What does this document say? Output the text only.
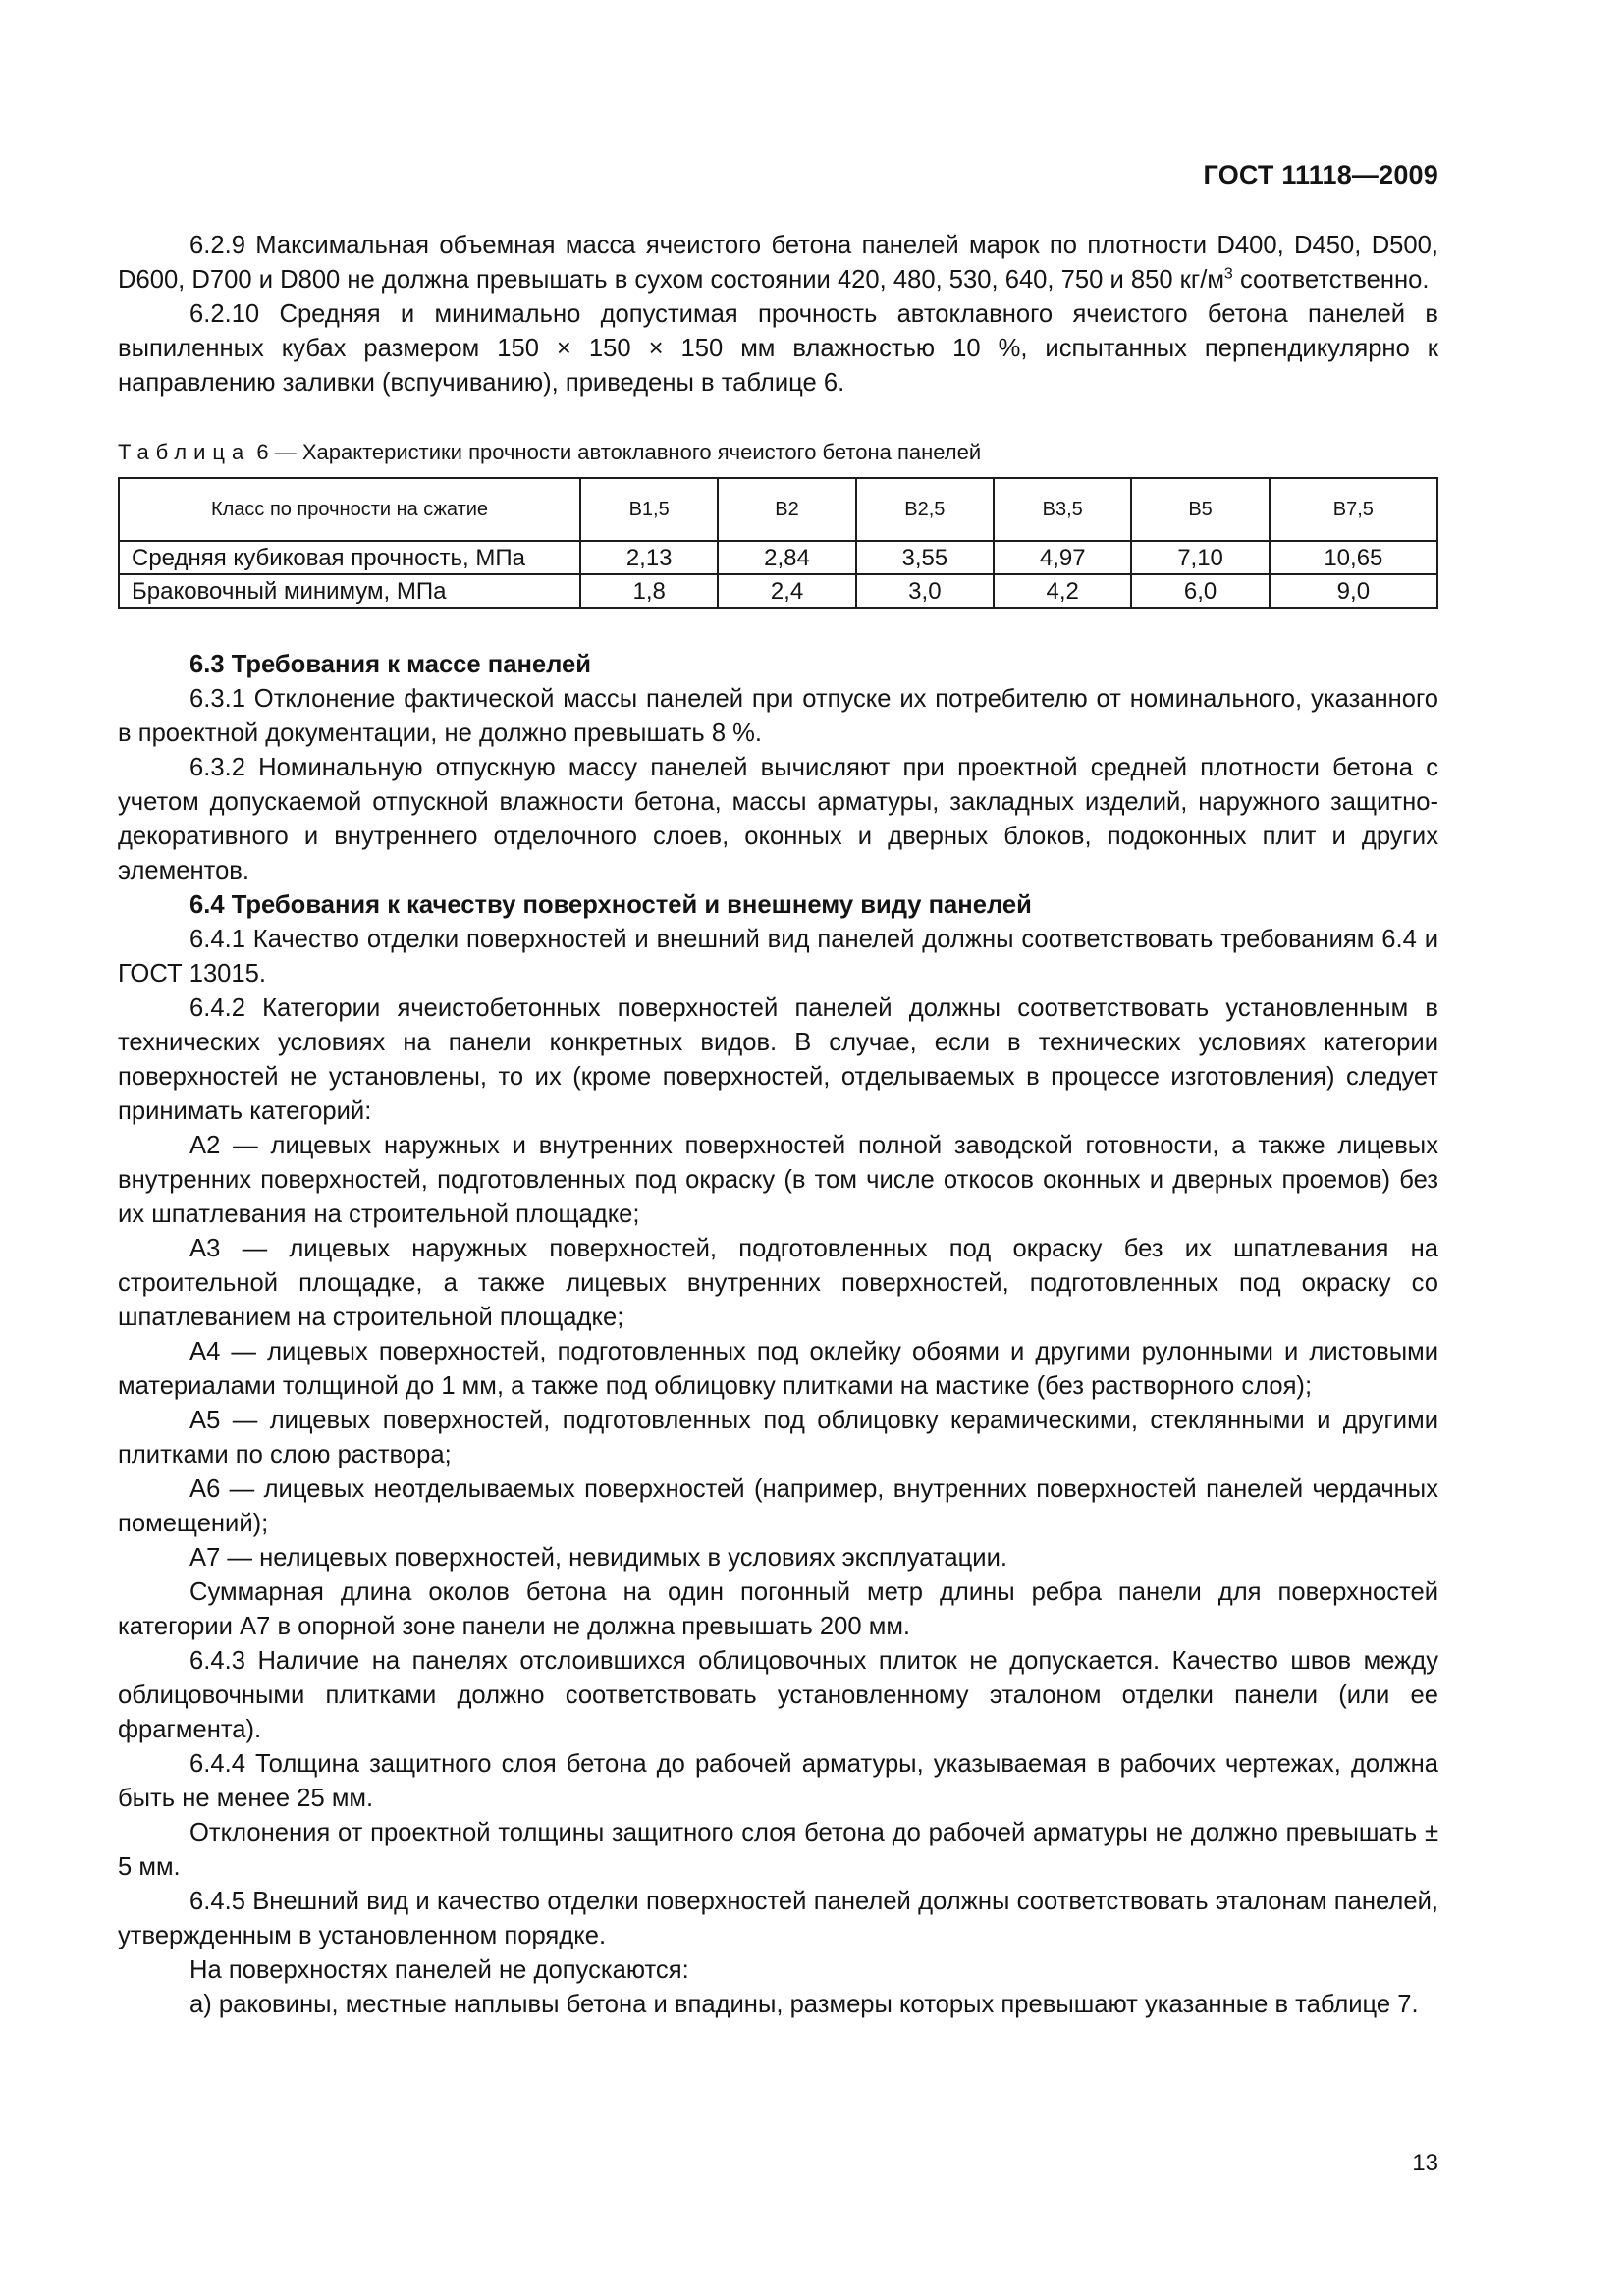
ГОСТ 11118—2009

6.2.9 Максимальная объемная масса ячеистого бетона панелей марок по плотности D400, D450, D500, D600, D700 и D800 не должна превышать в сухом состоянии 420, 480, 530, 640, 750 и 850 $кг/м^3$ соответственно.

6.2.10 Средняя и минимально допустимая прочность автоклавного ячеистого бетона панелей в выпиленных кубах размером 150 × 150 × 150 мм влажностью 10 %, испытанных перпендикулярно к направлению заливки (вспучиванию), приведены в таблице 6.

Таблица 6 — Характеристики прочности автоклавного ячеистого бетона панелей
Класс по прочности на сжатие	В1,5	В2	В2,5	В3,5	В5	В7,5
Средняя кубиковая прочность, МПа	2,13	2,84	3,55	4,97	7,10	10,65
Браковочный минимум, МПа	1,8	2,4	3,0	4,2	6,0	9,0
6.3 Требования к массе панелей

6.3.1 Отклонение фактической массы панелей при отпуске их потребителю от номинального, указанного в проектной документации, не должно превышать 8 %.

6.3.2 Номинальную отпускную массу панелей вычисляют при проектной средней плотности бетона с учетом допускаемой отпускной влажности бетона, массы арматуры, закладных изделий, наружного защитно-декоративного и внутреннего отделочного слоев, оконных и дверных блоков, подоконных плит и других элементов.

6.4 Требования к качеству поверхностей и внешнему виду панелей

6.4.1 Качество отделки поверхностей и внешний вид панелей должны соответствовать требованиям 6.4 и ГОСТ 13015.

6.4.2 Категории ячеистобетонных поверхностей панелей должны соответствовать установленным в технических условиях на панели конкретных видов. В случае, если в технических условиях категории поверхностей не установлены, то их (кроме поверхностей, отделываемых в процессе изготовления) следует принимать категорий:

А2 — лицевых наружных и внутренних поверхностей полной заводской готовности, а также лицевых внутренних поверхностей, подготовленных под окраску (в том числе откосов оконных и дверных проемов) без их шпатлевания на строительной площадке;

А3 — лицевых наружных поверхностей, подготовленных под окраску без их шпатлевания на строительной площадке, а также лицевых внутренних поверхностей, подготовленных под окраску со шпатлеванием на строительной площадке;

А4 — лицевых поверхностей, подготовленных под оклейку обоями и другими рулонными и листовыми материалами толщиной до 1 мм, а также под облицовку плитками на мастике (без растворного слоя);

А5 — лицевых поверхностей, подготовленных под облицовку керамическими, стеклянными и другими плитками по слою раствора;

А6 — лицевых неотделываемых поверхностей (например, внутренних поверхностей панелей чердачных помещений);

А7 — нелицевых поверхностей, невидимых в условиях эксплуатации.

Суммарная длина околов бетона на один погонный метр длины ребра панели для поверхностей категории А7 в опорной зоне панели не должна превышать 200 мм.

6.4.3 Наличие на панелях отслоившихся облицовочных плиток не допускается. Качество швов между облицовочными плитками должно соответствовать установленному эталоном отделки панели (или ее фрагмента).

6.4.4 Толщина защитного слоя бетона до рабочей арматуры, указываемая в рабочих чертежах, должна быть не менее 25 мм.

Отклонения от проектной толщины защитного слоя бетона до рабочей арматуры не должно превышать ± 5 мм.

6.4.5 Внешний вид и качество отделки поверхностей панелей должны соответствовать эталонам панелей, утвержденным в установленном порядке.

На поверхностях панелей не допускаются:

а) раковины, местные наплывы бетона и впадины, размеры которых превышают указанные в таблице 7.

13
